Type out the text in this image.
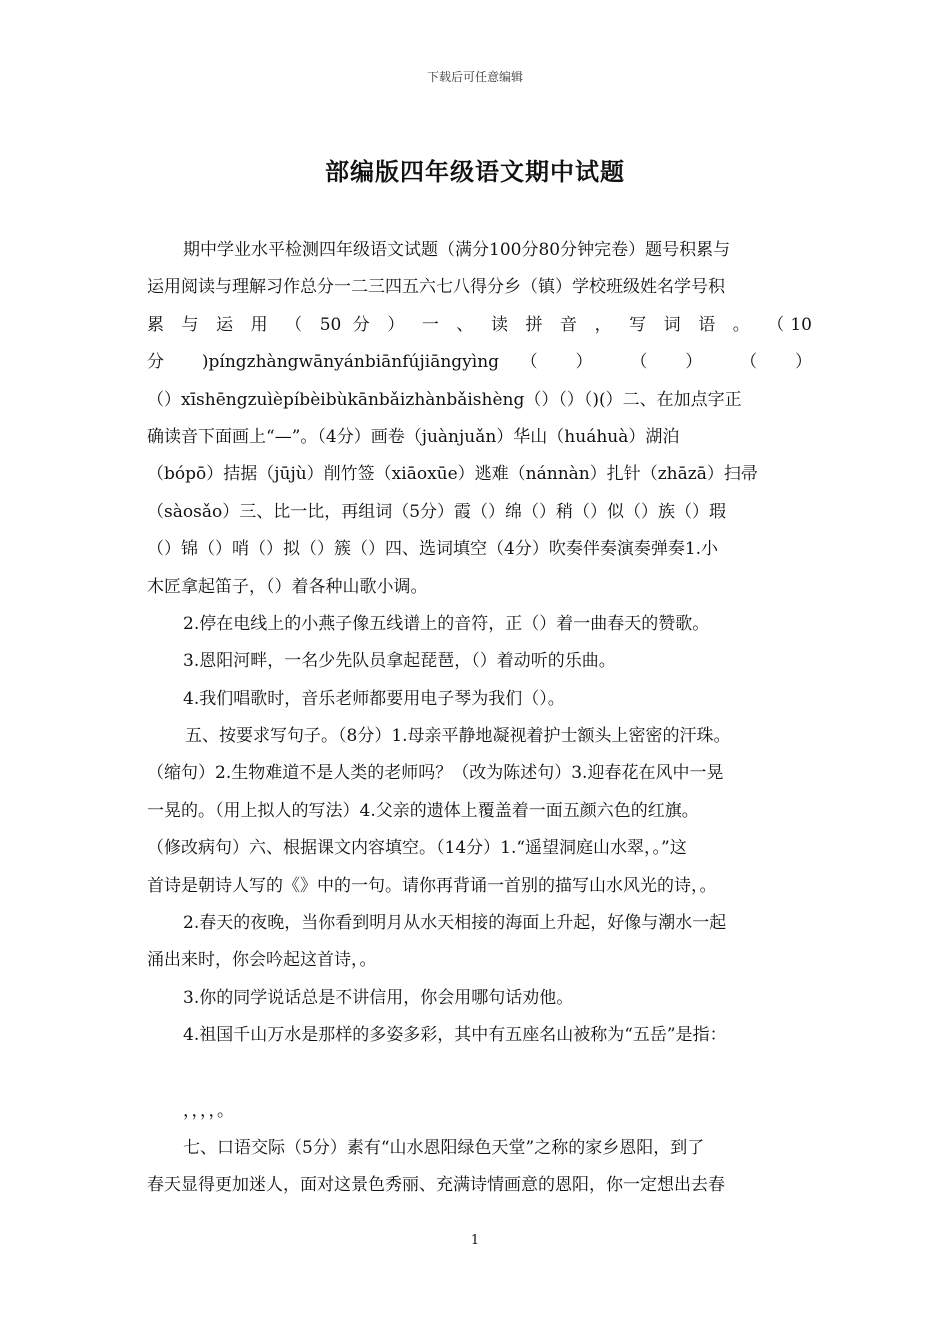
下载后可任意编辑
部编版四年级语文期中试题
期中学业水平检测四年级语文试题（满分100分80分钟完卷）题号积累与
运用阅读与理解习作总分一二三四五六七八得分乡（镇）学校班级姓名学号积
累 与 运 用 （ 50 分 ） 一 、 读 拼 音 ， 写 词 语 。 （10
分 )píngzhàngwānyánbiānfújiāngyìng （ ） （ ） （ ）
（）xīshēngzuìèpíbèibùkānbǎizhànbǎishèng（）（）（)(）二、在加点字正
确读音下面画上“—”。（4分）画卷（juànjuǎn）华山（huáhuà）湖泊
（bópō）拮据（jūjù）削竹签（xiāoxūe）逃难（nánnàn）扎针（zhāzā）扫帚
（sàosǎo）三、比一比，再组词（5分）霞（）绵（）稍（）似（）族（）瑕
（）锦（）哨（）拟（）簇（）四、选词填空（4分）吹奏伴奏演奏弹奏1.小
木匠拿起笛子，（）着各种山歌小调。
2.停在电线上的小燕子像五线谱上的音符，正（）着一曲春天的赞歌。
3.恩阳河畔，一名少先队员拿起琵琶，（）着动听的乐曲。
4.我们唱歌时，音乐老师都要用电子琴为我们（）。
五、按要求写句子。（8分）1.母亲平静地凝视着护士额头上密密的汗珠。
（缩句）2.生物难道不是人类的老师吗？（改为陈述句）3.迎春花在风中一晃
一晃的。（用上拟人的写法）4.父亲的遗体上覆盖着一面五颜六色的红旗。
（修改病句）六、根据课文内容填空。（14分）1.“遥望洞庭山水翠，。”这
首诗是朝诗人写的《》中的一句。请你再背诵一首别的描写山水风光的诗，。
2.春天的夜晚，当你看到明月从水天相接的海面上升起，好像与潮水一起
涌出来时，你会吟起这首诗，。
3.你的同学说话总是不讲信用，你会用哪句话劝他。
4.祖国千山万水是那样的多姿多彩，其中有五座名山被称为“五岳”是指：
，，，，。
七、口语交际（5分）素有“山水恩阳绿色天堂”之称的家乡恩阳，到了
春天显得更加迷人，面对这景色秀丽、充满诗情画意的恩阳，你一定想出去春
1
